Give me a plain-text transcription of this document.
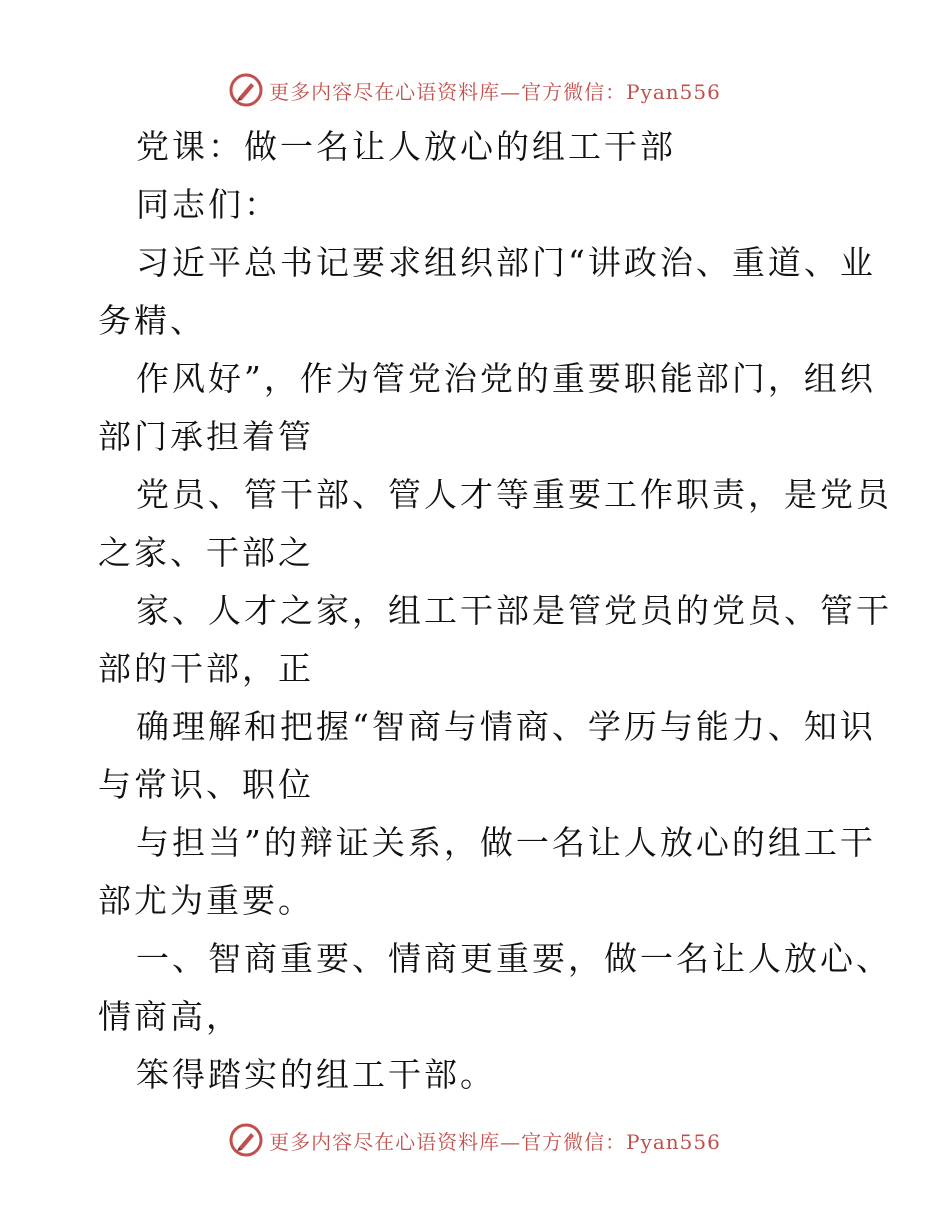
更多内容尽在心语资料库—官方微信：Pyan556
党课：做一名让人放心的组工干部
同志们：
习近平总书记要求组织部门“讲政治、重道、业
务精、
作风好”，作为管党治党的重要职能部门，组织
部门承担着管
党员、管干部、管人才等重要工作职责，是党员
之家、干部之
家、人才之家，组工干部是管党员的党员、管干
部的干部，正
确理解和把握“智商与情商、学历与能力、知识
与常识、职位
与担当”的辩证关系，做一名让人放心的组工干
部尤为重要。
一、智商重要、情商更重要，做一名让人放心、
情商高，
笨得踏实的组工干部。
更多内容尽在心语资料库—官方微信：Pyan556
